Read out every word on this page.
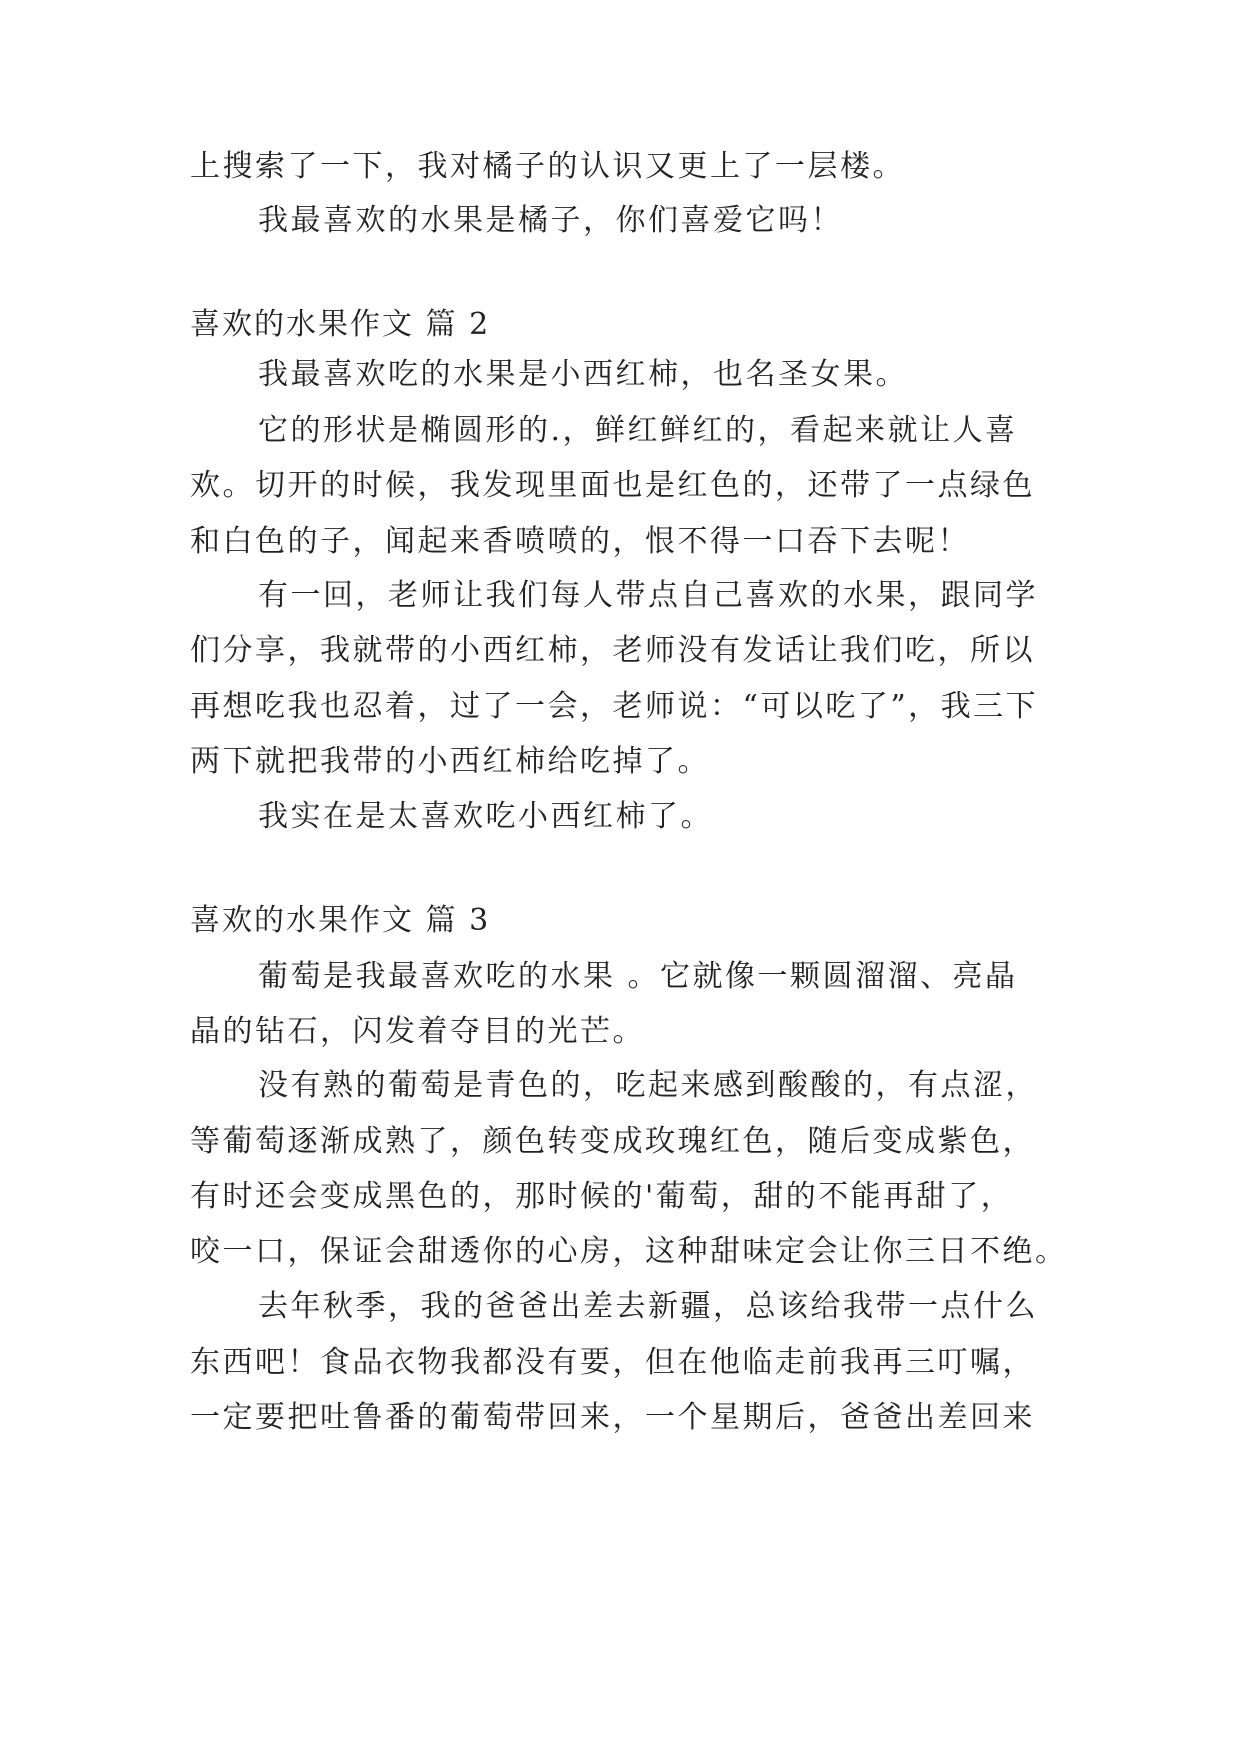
上搜索了一下，我对橘子的认识又更上了一层楼。
我最喜欢的水果是橘子，你们喜爱它吗！
喜欢的水果作文 篇 2
我最喜欢吃的水果是小西红柿，也名圣女果。
它的形状是椭圆形的.，鲜红鲜红的，看起来就让人喜
欢。切开的时候，我发现里面也是红色的，还带了一点绿色
和白色的子，闻起来香喷喷的，恨不得一口吞下去呢！
有一回，老师让我们每人带点自己喜欢的水果，跟同学
们分享，我就带的小西红柿，老师没有发话让我们吃，所以
再想吃我也忍着，过了一会，老师说：“可以吃了”，我三下
两下就把我带的小西红柿给吃掉了。
我实在是太喜欢吃小西红柿了。
喜欢的水果作文 篇 3
葡萄是我最喜欢吃的水果 。它就像一颗圆溜溜、亮晶
晶的钻石，闪发着夺目的光芒。
没有熟的葡萄是青色的，吃起来感到酸酸的，有点涩，
等葡萄逐渐成熟了，颜色转变成玫瑰红色，随后变成紫色，
有时还会变成黑色的，那时候的'葡萄，甜的不能再甜了，
咬一口，保证会甜透你的心房，这种甜味定会让你三日不绝。
去年秋季，我的爸爸出差去新疆，总该给我带一点什么
东西吧！食品衣物我都没有要，但在他临走前我再三叮嘱，
一定要把吐鲁番的葡萄带回来，一个星期后，爸爸出差回来
